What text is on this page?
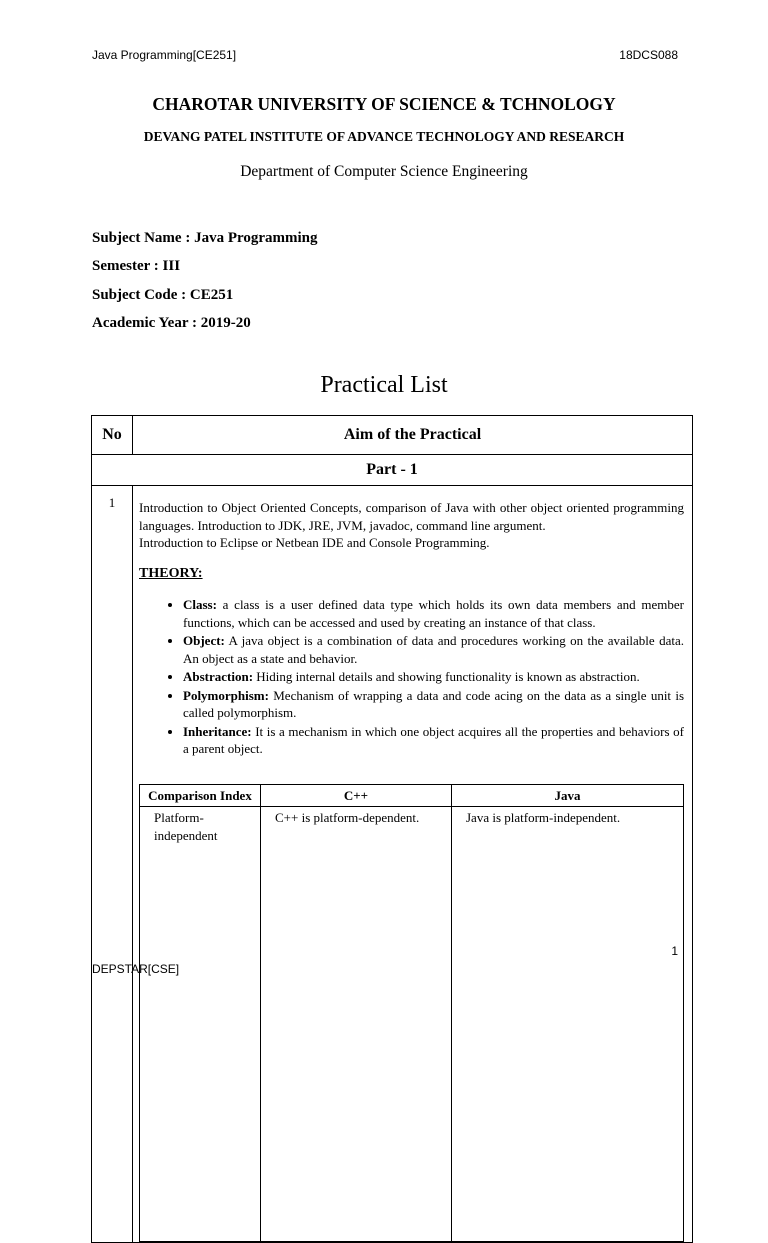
Java Programming[CE251]	18DCS088
CHAROTAR UNIVERSITY OF SCIENCE & TCHNOLOGY
DEVANG PATEL INSTITUTE OF ADVANCE TECHNOLOGY AND RESEARCH
Department of Computer Science Engineering
Subject Name : Java Programming
Semester : III
Subject Code : CE251
Academic Year : 2019-20
Practical List
No	Aim of the Practical
Part - 1
1	Introduction to Object Oriented Concepts, comparison of Java with other object oriented programming languages. Introduction to JDK, JRE, JVM, javadoc, command line argument.

Introduction to Eclipse or Netbean IDE and Console Programming.

THEORY:

• Class: a class is a user defined data type which holds its own data members and member functions, which can be accessed and used by creating an instance of that class.
• Object: A java object is a combination of data and procedures working on the available data. An object as a state and behavior.
• Abstraction: Hiding internal details and showing functionality is known as abstraction.
• Polymorphism: Mechanism of wrapping a data and code acing on the data as a single unit is called polymorphism.
• Inheritance: It is a mechanism in which one object acquires all the properties and behaviors of a parent object.
Comparison Index	C++	Java
Platform-independent	C++ is platform-dependent.	Java is platform-independent.
1
DEPSTAR[CSE]
